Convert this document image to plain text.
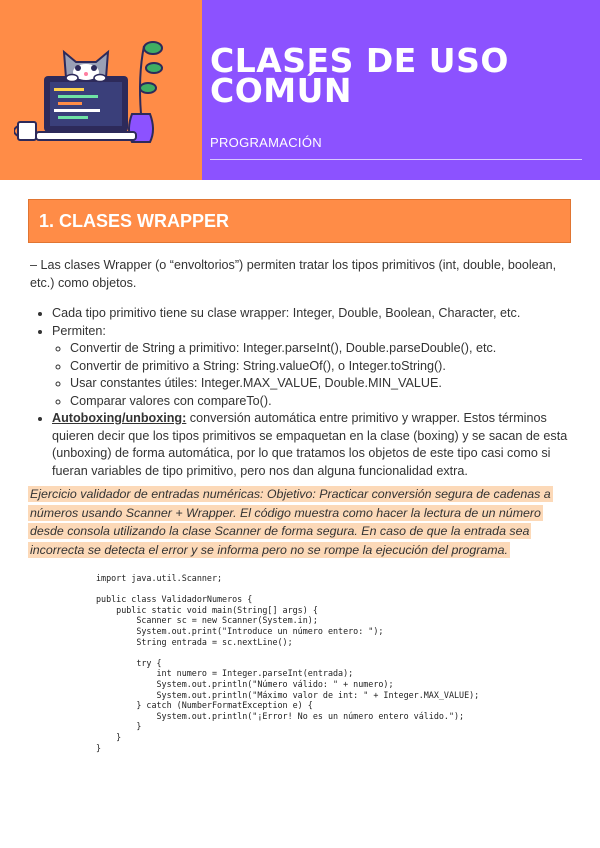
CLASES DE USO
COMÚN
PROGRAMACIÓN
1. CLASES WRAPPER

– Las clases Wrapper (o “envoltorios”) permiten tratar los tipos primitivos (int, double, boolean, etc.) como objetos.

• Cada tipo primitivo tiene su clase wrapper: Integer, Double, Boolean, Character, etc.
• Permiten:
◦ Convertir de String a primitivo: Integer.parseInt(), Double.parseDouble(), etc.
◦ Convertir de primitivo a String: String.valueOf(), o Integer.toString().
◦ Usar constantes útiles: Integer.MAX_VALUE, Double.MIN_VALUE.
◦ Comparar valores con compareTo().
• Autoboxing/unboxing: conversión automática entre primitivo y wrapper. Estos términos quieren decir que los tipos primitivos se empaquetan en la clase (boxing) y se sacan de esta (unboxing) de forma automática, por lo que tratamos los objetos de este tipo casi como si fueran variables de tipo primitivo, pero nos dan alguna funcionalidad extra.
Ejercicio validador de entradas numéricas: Objetivo: Practicar conversión segura de cadenas a números usando Scanner + Wrapper. El código muestra como hacer la lectura de un número desde consola utilizando la clase Scanner de forma segura. En caso de que la entrada sea incorrecta se detecta el error y se informa pero no se rompe la ejecución del programa.
import java.util.Scanner;

public class ValidadorNumeros {
public static void main(String[] args) {
Scanner sc = new Scanner(System.in);
System.out.print("Introduce un número entero: ");
String entrada = sc.nextLine();

try {
int numero = Integer.parseInt(entrada);
System.out.println("Número válido: " + numero);
System.out.println("Máximo valor de int: " + Integer.MAX_VALUE);
} catch (NumberFormatException e) {
System.out.println("¡Error! No es un número entero válido.");
}
}
}
